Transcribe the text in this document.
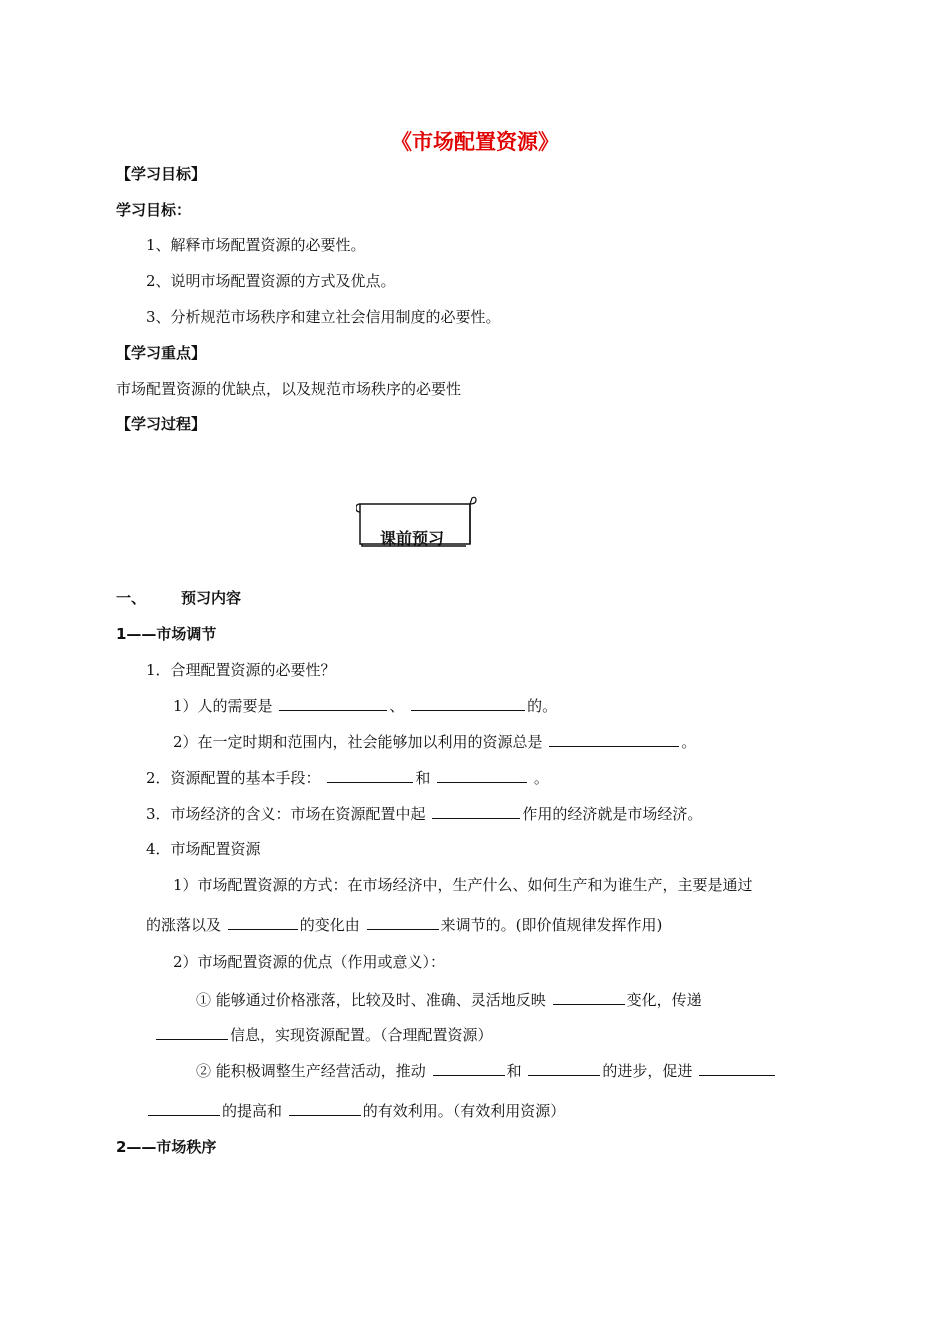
《市场配置资源》
【学习目标】
学习目标：
1、解释市场配置资源的必要性。
2、说明市场配置资源的方式及优点。
3、分析规范市场秩序和建立社会信用制度的必要性。
【学习重点】
市场配置资源的优缺点，以及规范市场秩序的必要性
【学习过程】
课前预习
一、 预习内容
1——市场调节
1．合理配置资源的必要性？
1）人的需要是	、	的。
2）在一定时期和范围内，社会能够加以利用的资源总是	。
2．资源配置的基本手段：	和	。
3．市场经济的含义：市场在资源配置中起	作用的经济就是市场经济。
4．市场配置资源
1）市场配置资源的方式：在市场经济中，生产什么、如何生产和为谁生产，主要是通过
的涨落以及	的变化由	来调节的。(即价值规律发挥作用)
2）市场配置资源的优点（作用或意义）：
① 能够通过价格涨落，比较及时、准确、灵活地反映	变化，传递
信息，实现资源配置。（合理配置资源）
② 能积极调整生产经营活动，推动	和	的进步，促进
的提高和	的有效利用。（有效利用资源）
2——市场秩序
